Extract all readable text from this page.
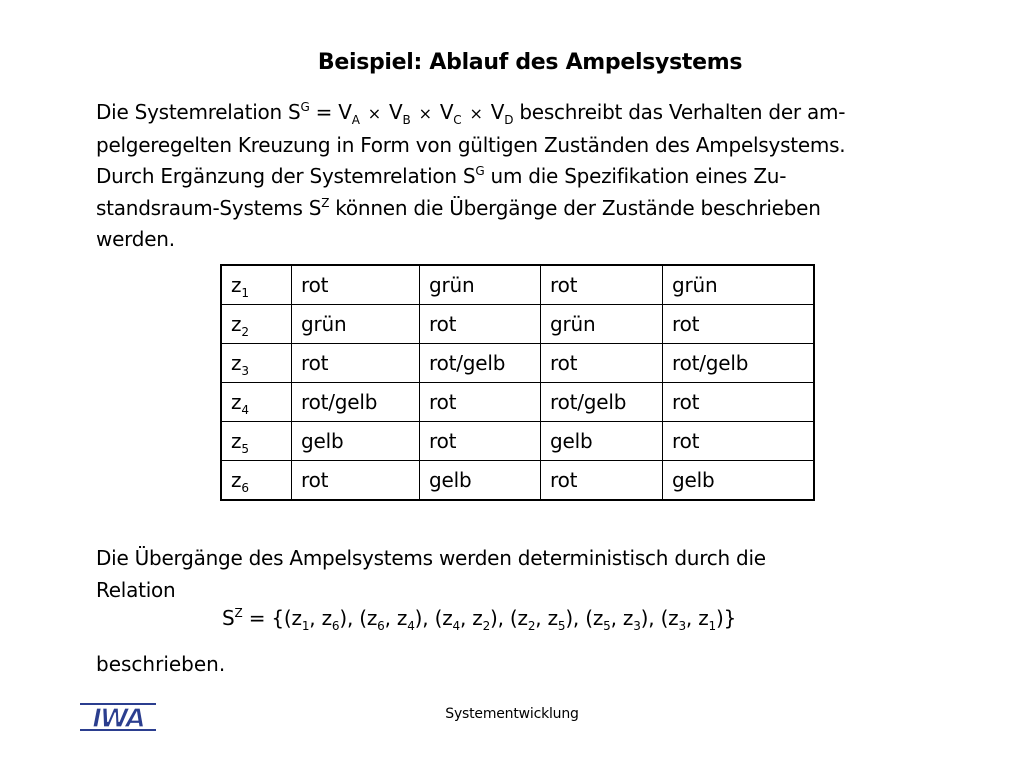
Beispiel: Ablauf des Ampelsystems
Die Systemrelation $S^G = V_A \times V_B \times V_C \times V_D$ beschreibt das Verhalten der am-
pelgeregelten Kreuzung in Form von gültigen Zuständen des Ampelsystems.
Durch Ergänzung der Systemrelation $S^G$ um die Spezifikation eines Zu-
standsraum-Systems $S^Z$ können die Übergänge der Zustände beschrieben
werden.
$z_1$	rot	grün	rot	grün
$z_2$	grün	rot	grün	rot
$z_3$	rot	rot/gelb	rot	rot/gelb
$z_4$	rot/gelb	rot	rot/gelb	rot
$z_5$	gelb	rot	gelb	rot
$z_6$	rot	gelb	rot	gelb
Die Übergänge des Ampelsystems werden deterministisch durch die
Relation
$S^Z = \{(z_1$, $z_6$), ($z_6$, $z_4$), ($z_4$, $z_2$), ($z_2$, $z_5$), ($z_5$, $z_3$), ($z_3$, $z_1$)}
beschrieben.
IWA	Systementwicklung
